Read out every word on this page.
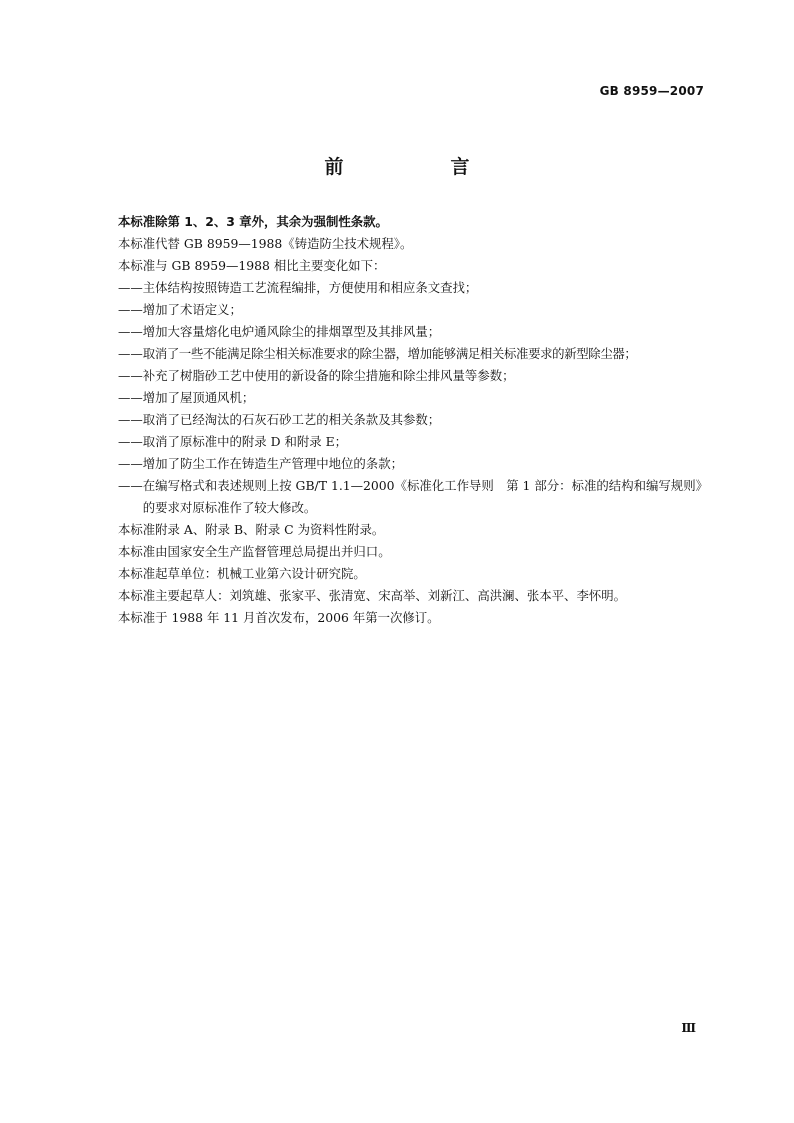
GB 8959—2007
前　言

本标准除第 1、2、3 章外，其余为强制性条款。

本标准代替 GB 8959—1988《铸造防尘技术规程》。

本标准与 GB 8959—1988 相比主要变化如下：

—— 主体结构按照铸造工艺流程编排，方便使用和相应条文查找；
—— 增加了术语定义；
—— 增加大容量熔化电炉通风除尘的排烟罩型及其排风量；
—— 取消了一些不能满足除尘相关标准要求的除尘器，增加能够满足相关标准要求的新型除尘器；
—— 补充了树脂砂工艺中使用的新设备的除尘措施和除尘排风量等参数；
—— 增加了屋顶通风机；
—— 取消了已经淘汰的石灰石砂工艺的相关条款及其参数；
—— 取消了原标准中的附录 D 和附录 E；
—— 增加了防尘工作在铸造生产管理中地位的条款；
—— 在编写格式和表述规则上按 GB/T 1.1—2000《标准化工作导则　第 1 部分：标准的结构和编写规则》的要求对原标准作了较大修改。

本标准附录 A、附录 B、附录 C 为资料性附录。

本标准由国家安全生产监督管理总局提出并归口。

本标准起草单位：机械工业第六设计研究院。

本标准主要起草人：刘筑雄、张家平、张清宽、宋高举、刘新江、高洪澜、张本平、李怀明。

本标准于 1988 年 11 月首次发布，2006 年第一次修订。

Ⅲ
